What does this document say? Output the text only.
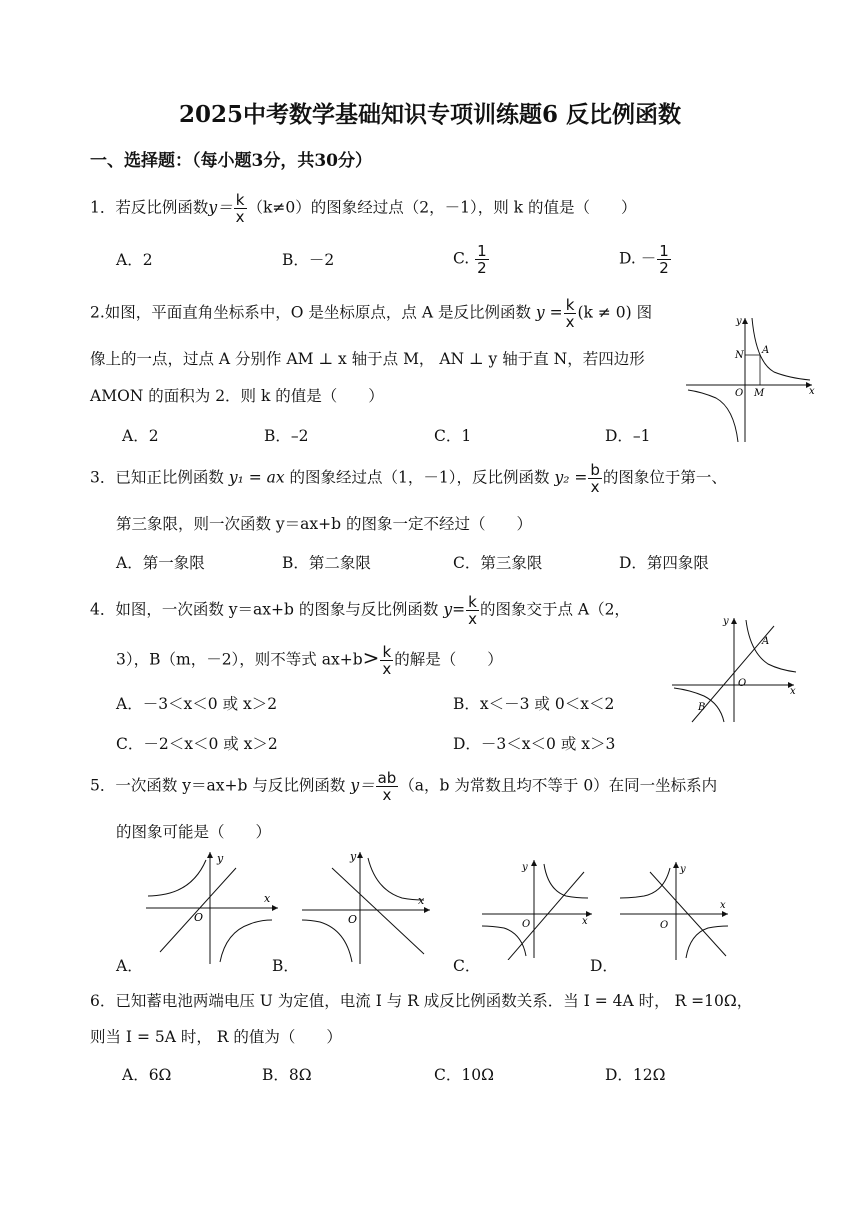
2025中考数学基础知识专项训练题6 反比例函数
一、选择题：（每小题3分，共30分）
1．若反比例函数$y= \frac{k}{x} (k\ne 0)$的图象经过点（2，－1），则 k 的值是（　　）
A．2	B．－2	C. $\frac{1}{2}$	D. － $\frac{1}{2}$
2.如图，平面直角坐标系中，O 是坐标原点，点 A 是反比例函数 $y = \frac{k}{x} (k \ne 0)$ 图
像上的一点，过点 A 分别作 AM ⊥ x 轴于点 M， AN ⊥ y 轴于直 N，若四边形
AMON 的面积为 2．则 k 的值是（　　）
A．2	B．–2	C．1	D．–1
y
N A
O M	x
3．已知正比例函数 y₁ = ax 的图象经过点（1，－1），反比例函数 $y_2 = \frac{b}{x}$ 的图象位于第一、
第三象限，则一次函数 y＝ax+b 的图象一定不经过（　　）
A．第一象限	B．第二象限	C．第三象限	D．第四象限
4．如图，一次函数 y＝ax+b 的图象与反比例函数 $y= \frac{k}{x}$ 的图象交于点 A（2，
3），B（m，－2），则不等式 $ax+b> \frac{k}{x}$ 的解是（　　）
A．－3＜x＜0 或 x＞2	B．x＜－3 或 0＜x＜2
C．－2＜x＜0 或 x＞2	D．－3＜x＜0 或 x＞3
y
A
O
x
B
5．一次函数 y＝ax+b 与反比例函数 $y= \frac{ab}{x} (a$，b 为常数且均不等于 0）在同一坐标系内
的图象可能是（　　）
y
x
O
y
x
O
y
x
O
y
x
O
A．	B．	C．	D．
6．已知蓄电池两端电压 U 为定值，电流 I 与 R 成反比例函数关系．当 I = 4A 时， R =10Ω，
则当 I = 5A 时， R 的值为（　　）
A．6Ω	B．8Ω	C．10Ω	D．12Ω
